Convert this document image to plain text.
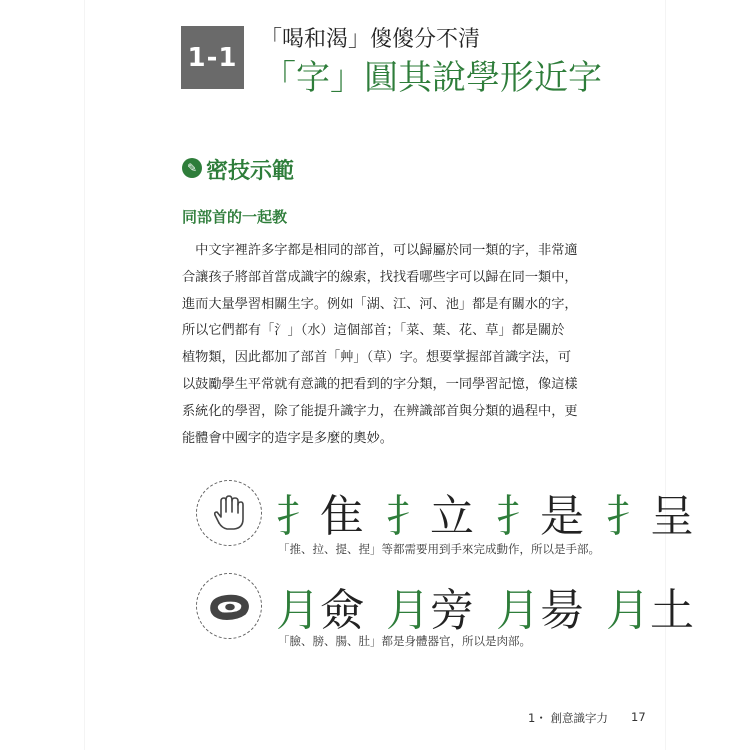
1-1
「喝和渴」傻傻分不清
「字」圓其說學形近字
✎ 密技示範
同部首的一起教
　中文字裡許多字都是相同的部首，可以歸屬於同一類的字，非常適
合讓孩子將部首當成識字的線索，找找看哪些字可以歸在同一類中，
進而大量學習相關生字。例如「湖、江、河、池」都是有關水的字，
所以它們都有「氵」（水）這個部首；「菜、葉、花、草」都是關於
植物類，因此都加了部首「艸」（草）字。想要掌握部首識字法，可
以鼓勵學生平常就有意識的把看到的字分類，一同學習記憶，像這樣
系統化的學習，除了能提升識字力，在辨識部首與分類的過程中，更
能體會中國字的造字是多麼的奧妙。
扌隹 扌立 扌是 扌呈
「推、拉、提、捏」等都需要用到手來完成動作，所以是手部。
月僉 月旁 月昜 月土
「臉、膀、腸、肚」都是身體器官，所以是肉部。
1・ 創意識字力 17
